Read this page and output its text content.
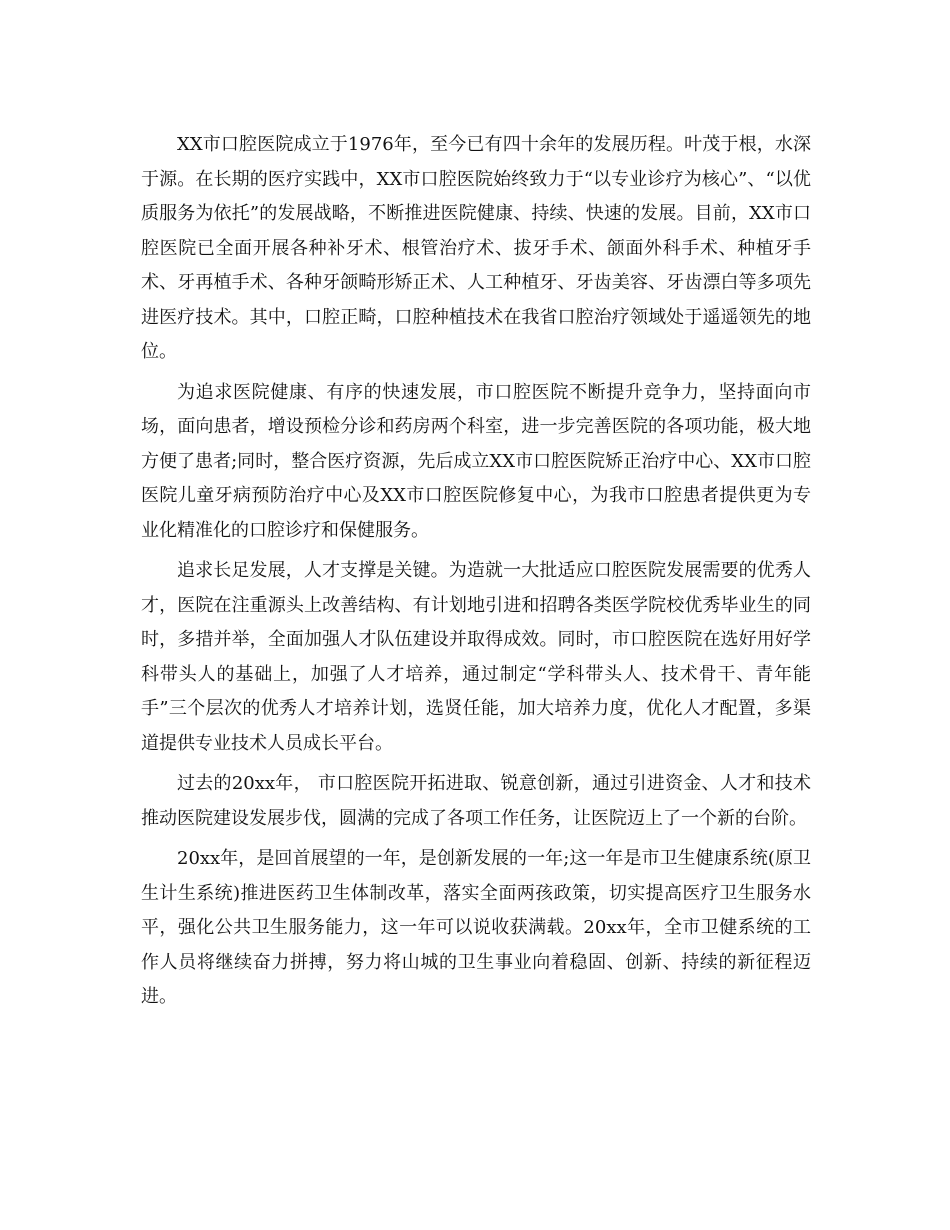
XX市口腔医院成立于1976年，至今已有四十余年的发展历程。叶茂于根，水深于源。在长期的医疗实践中，XX市口腔医院始终致力于“以专业诊疗为核心”、“以优质服务为依托”的发展战略，不断推进医院健康、持续、快速的发展。目前，XX市口腔医院已全面开展各种补牙术、根管治疗术、拔牙手术、颌面外科手术、种植牙手术、牙再植手术、各种牙颌畸形矫正术、人工种植牙、牙齿美容、牙齿漂白等多项先进医疗技术。其中，口腔正畸，口腔种植技术在我省口腔治疗领域处于遥遥领先的地位。

为追求医院健康、有序的快速发展，市口腔医院不断提升竞争力，坚持面向市场，面向患者，增设预检分诊和药房两个科室，进一步完善医院的各项功能，极大地方便了患者;同时，整合医疗资源，先后成立XX市口腔医院矫正治疗中心、XX市口腔医院儿童牙病预防治疗中心及XX市口腔医院修复中心，为我市口腔患者提供更为专业化精准化的口腔诊疗和保健服务。

追求长足发展，人才支撑是关键。为造就一大批适应口腔医院发展需要的优秀人才，医院在注重源头上改善结构、有计划地引进和招聘各类医学院校优秀毕业生的同时，多措并举，全面加强人才队伍建设并取得成效。同时，市口腔医院在选好用好学科带头人的基础上，加强了人才培养，通过制定“学科带头人、技术骨干、青年能手”三个层次的优秀人才培养计划，选贤任能，加大培养力度，优化人才配置，多渠道提供专业技术人员成长平台。

过去的20xx年， 市口腔医院开拓进取、锐意创新，通过引进资金、人才和技术推动医院建设发展步伐，圆满的完成了各项工作任务，让医院迈上了一个新的台阶。

20xx年，是回首展望的一年，是创新发展的一年;这一年是市卫生健康系统(原卫生计生系统)推进医药卫生体制改革，落实全面两孩政策，切实提高医疗卫生服务水平，强化公共卫生服务能力，这一年可以说收获满载。20xx年，全市卫健系统的工作人员将继续奋力拼搏，努力将山城的卫生事业向着稳固、创新、持续的新征程迈进。
